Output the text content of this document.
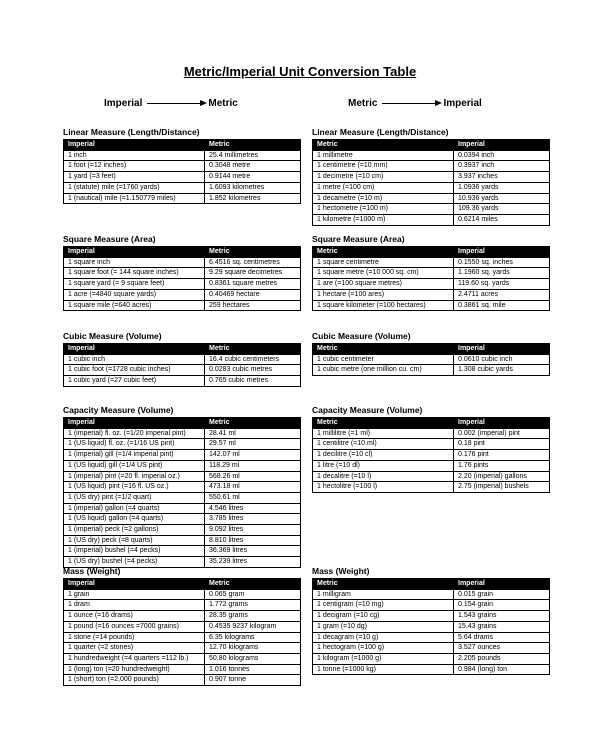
Metric/Imperial Unit Conversion Table
Imperial	Metric	Metric	Imperial
Linear Measure (Length/Distance)
Imperial	Metric
1 inch	25.4 millimetres
1 foot (=12 inches)	0.3048 metre
1 yard (=3 feet)	0.9144 metre
1 (statute) mile (=1760 yards)	1.6093 kilometres
1 (nautical) mile (=1.150779 miles)	1.852 kilometres
Linear Measure (Length/Distance)
Metric	Imperial
1 millimetre	0.0394 inch
1 centimetre (=10 mm)	0.3937 inch
1 decimetre (=10 cm)	3.937 inches
1 metre (=100 cm)	1.0936 yards
1 decametre (=10 m)	10.936 yards
1 hectometre (=100 m)	109.36 yards
1 kilometre (=1000 m)	0.6214 miles
Square Measure (Area)
Imperial	Metric
1 square inch	6.4516 sq. centimetres
1 square foot (= 144 square inches)	9.29 square decimetres
1 square yard (= 9 square feet)	0.8361 square metres
1 acre (=4840 square yards)	0.40469 hectare
1 square mile (=640 acres)	259 hectares
Square Measure (Area)
Metric	Imperial
1 square centimetre	0.1550 sq. inches
1 square metre (=10 000 sq. cm)	1.1960 sq. yards
1 are (=100 square metres)	119.60 sq. yards
1 hectare (=100 ares)	2.4711 acres
1 square kilometer (=100 hectares)	0.3861 sq. mile
Cubic Measure (Volume)
Imperial	Metric
1 cubic inch	16.4 cubic centimeters
1 cubic foot (=1728 cubic inches)	0.0283 cubic metres
1 cubic yard (=27 cubic feet)	0.765 cubic metres
Cubic Measure (Volume)
Metric	Imperial
1 cubic centimeter	0.0610 cubic inch
1 cubic metre (one million cu. cm)	1.308 cubic yards
Capacity Measure (Volume)
Imperial	Metric
1 (imperial) fl. oz. (=1/20 imperial pint)	28.41 ml
1 (US liquid) fl. oz. (=1/16 US pint)	29.57 ml
1 (imperial) gill (=1/4 imperial pint)	142.07 ml
1 (US liquid) gill (=1/4 US pint)	118.29 ml
1 (imperial) pint (=20 fl. imperial oz.)	568.26 ml
1 (US liquid) pint (=16 fl. US oz.)	473.18 ml
1 (US dry) pint (=1/2 quart)	550.61 ml
1 (imperial) gallon (=4 quarts)	4.546 litres
1 (US liquid) gallon (=4 quarts)	3.785 litres
1 (imperial) peck (=2 gallons)	9.092 litres
1 (US dry) peck (=8 quarts)	8.810 litres
1 (imperial) bushel (=4 pecks)	36.369 litres
1 (US dry) bushel (=4 pecks)	35.239 litres
Capacity Measure (Volume)
Metric	Imperial
1 millilitre (=1 ml)	0.002 (imperial) pint
1 centilitre (=10 ml)	0.18 pint
1 decilitre (=10 cl)	0.176 pint
1 litre (=10 dl)	1.76 pints
1 decalitre (=10 l)	2.20 (imperial) gallons
1 hectolitre (=100 l)	2.75 (imperial) bushels
Mass (Weight)
Imperial	Metric
1 grain	0.065 gram
1 dram	1.772 grams
1 ounce (=16 drams)	28.35 grams
1 pound (=16 ounces =7000 grains)	0.4535 9237 kilogram
1 stone (=14 pounds)	6.35 kilograms
1 quarter (=2 stones)	12.70 kilograms
1 hundredweight (=4 quarters =112 lb.)	50.80 kilograms
1 (long) ton (=20 hundredweight)	1.016 tonnes
1 (short) ton (=2,000 pounds)	0.907 tonne
Mass (Weight)
Metric	Imperial
1 milligram	0.015 grain
1 centigram (=10 mg)	0.154 grain
1 decigram (=10 cg)	1.543 grains
1 gram (=10 dg)	15.43 grains
1 decagram (=10 g)	5.64 drams
1 hectogram (=100 g)	3.527 ounces
1 kilogram (=1000 g)	2.205 pounds
1 tonne (=1000 kg)	0.984 (long) ton
